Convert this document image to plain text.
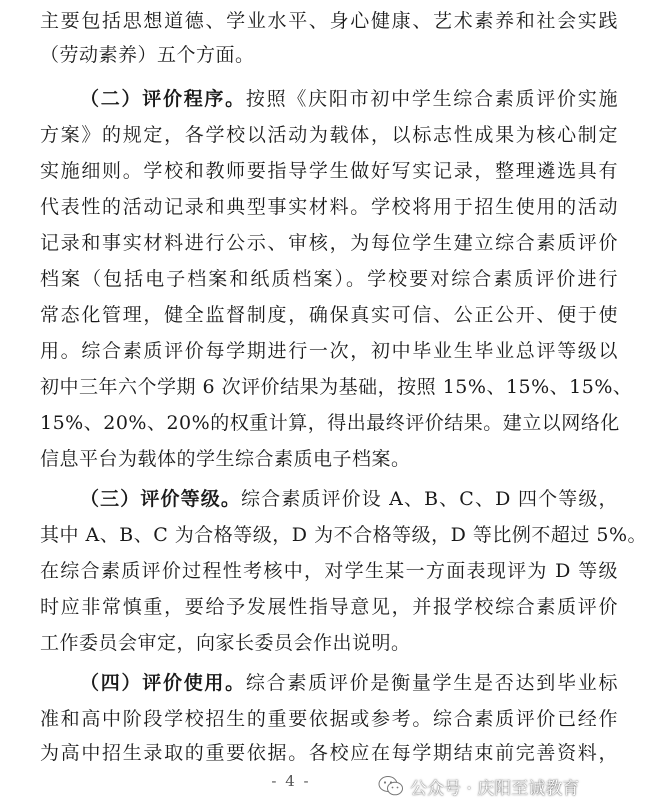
主要包括思想道德、学业水平、身心健康、艺术素养和社会实践
（劳动素养）五个方面。
（二）评价程序。按照《庆阳市初中学生综合素质评价实施
方案》的规定，各学校以活动为载体，以标志性成果为核心制定
实施细则。学校和教师要指导学生做好写实记录，整理遴选具有
代表性的活动记录和典型事实材料。学校将用于招生使用的活动
记录和事实材料进行公示、审核，为每位学生建立综合素质评价
档案（包括电子档案和纸质档案）。学校要对综合素质评价进行
常态化管理，健全监督制度，确保真实可信、公正公开、便于使
用。综合素质评价每学期进行一次，初中毕业生毕业总评等级以
初中三年六个学期 6 次评价结果为基础，按照 15%、15%、15%、
15%、20%、20%的权重计算，得出最终评价结果。建立以网络化
信息平台为载体的学生综合素质电子档案。
（三）评价等级。综合素质评价设 A、B、C、D 四个等级，
其中 A、B、C 为合格等级，D 为不合格等级，D 等比例不超过 5%。
在综合素质评价过程性考核中，对学生某一方面表现评为 D 等级
时应非常慎重，要给予发展性指导意见，并报学校综合素质评价
工作委员会审定，向家长委员会作出说明。
（四）评价使用。综合素质评价是衡量学生是否达到毕业标
准和高中阶段学校招生的重要依据或参考。综合素质评价已经作
为高中招生录取的重要依据。各校应在每学期结束前完善资料，
- 4 -	公众号 · 庆阳至诚教育
